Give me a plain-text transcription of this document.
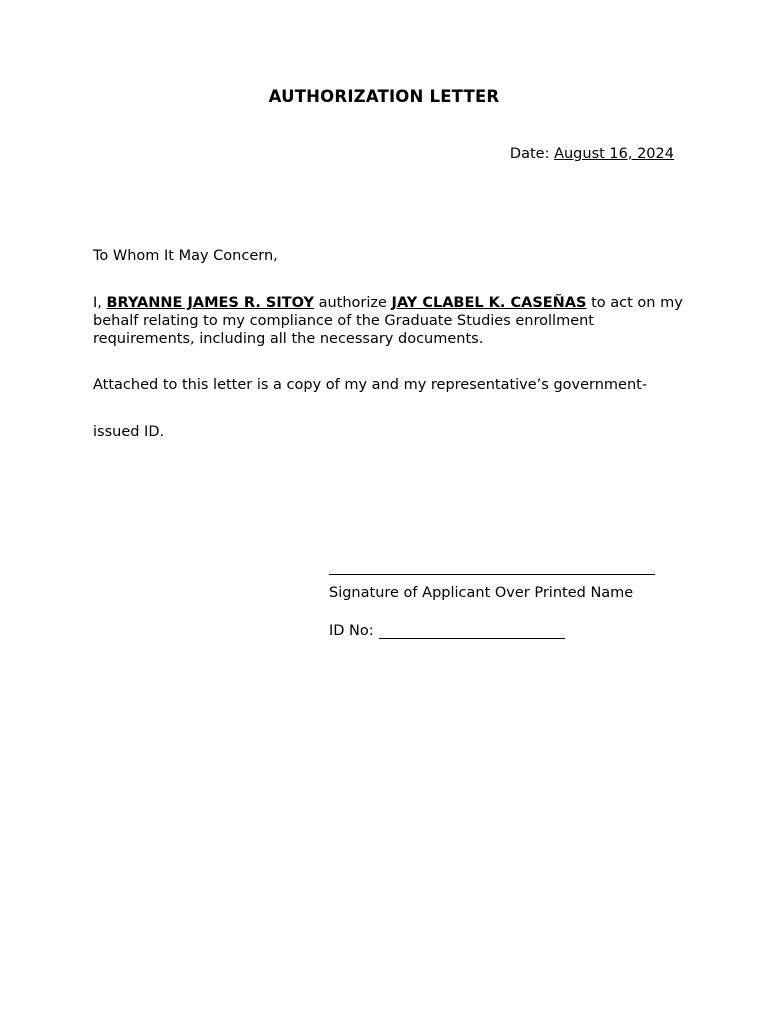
AUTHORIZATION LETTER
Date: August 16, 2024
To Whom It May Concern,
I, BRYANNE JAMES R. SITOY authorize JAY CLABEL K. CASEÑAS to act on my behalf relating to my compliance of the Graduate Studies enrollment requirements, including all the necessary documents.
Attached to this letter is a copy of my and my representative’s government-
issued ID.
Signature of Applicant Over Printed Name
ID No:
